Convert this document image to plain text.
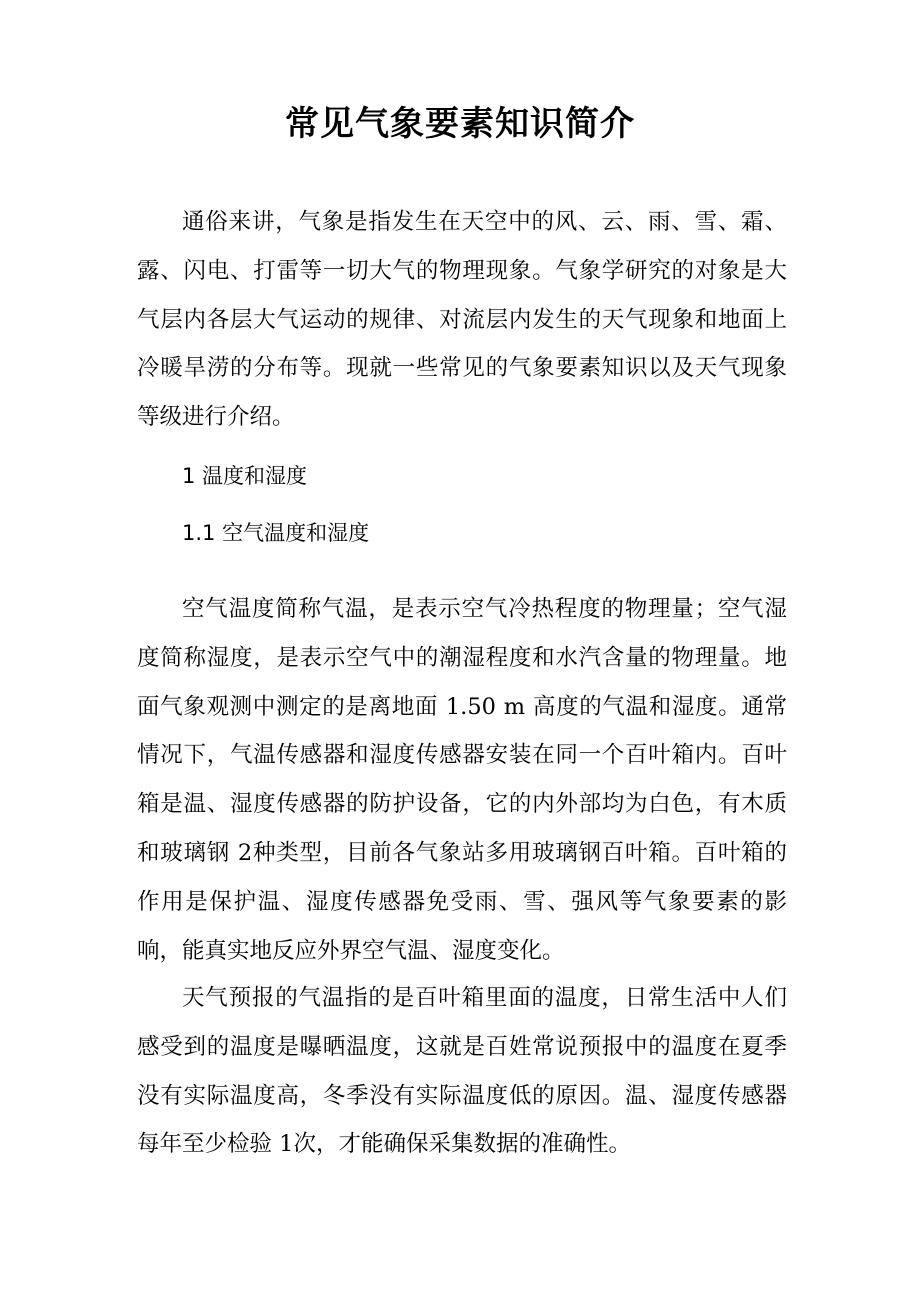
常见气象要素知识简介

通俗来讲，气象是指发生在天空中的风、云、雨、雪、霜、露、闪电、打雷等一切大气的物理现象。气象学研究的对象是大气层内各层大气运动的规律、对流层内发生的天气现象和地面上冷暖旱涝的分布等。现就一些常见的气象要素知识以及天气现象等级进行介绍。

1 温度和湿度

1.1 空气温度和湿度

空气温度简称气温，是表示空气冷热程度的物理量；空气湿度简称湿度，是表示空气中的潮湿程度和水汽含量的物理量。地面气象观测中测定的是离地面 1.50 m 高度的气温和湿度。通常情况下，气温传感器和湿度传感器安装在同一个百叶箱内。百叶箱是温、湿度传感器的防护设备，它的内外部均为白色，有木质和玻璃钢 2种类型，目前各气象站多用玻璃钢百叶箱。百叶箱的作用是保护温、湿度传感器免受雨、雪、强风等气象要素的影响，能真实地反应外界空气温、湿度变化。

天气预报的气温指的是百叶箱里面的温度，日常生活中人们感受到的温度是曝晒温度，这就是百姓常说预报中的温度在夏季没有实际温度高，冬季没有实际温度低的原因。温、湿度传感器每年至少检验 1次，才能确保采集数据的准确性。
